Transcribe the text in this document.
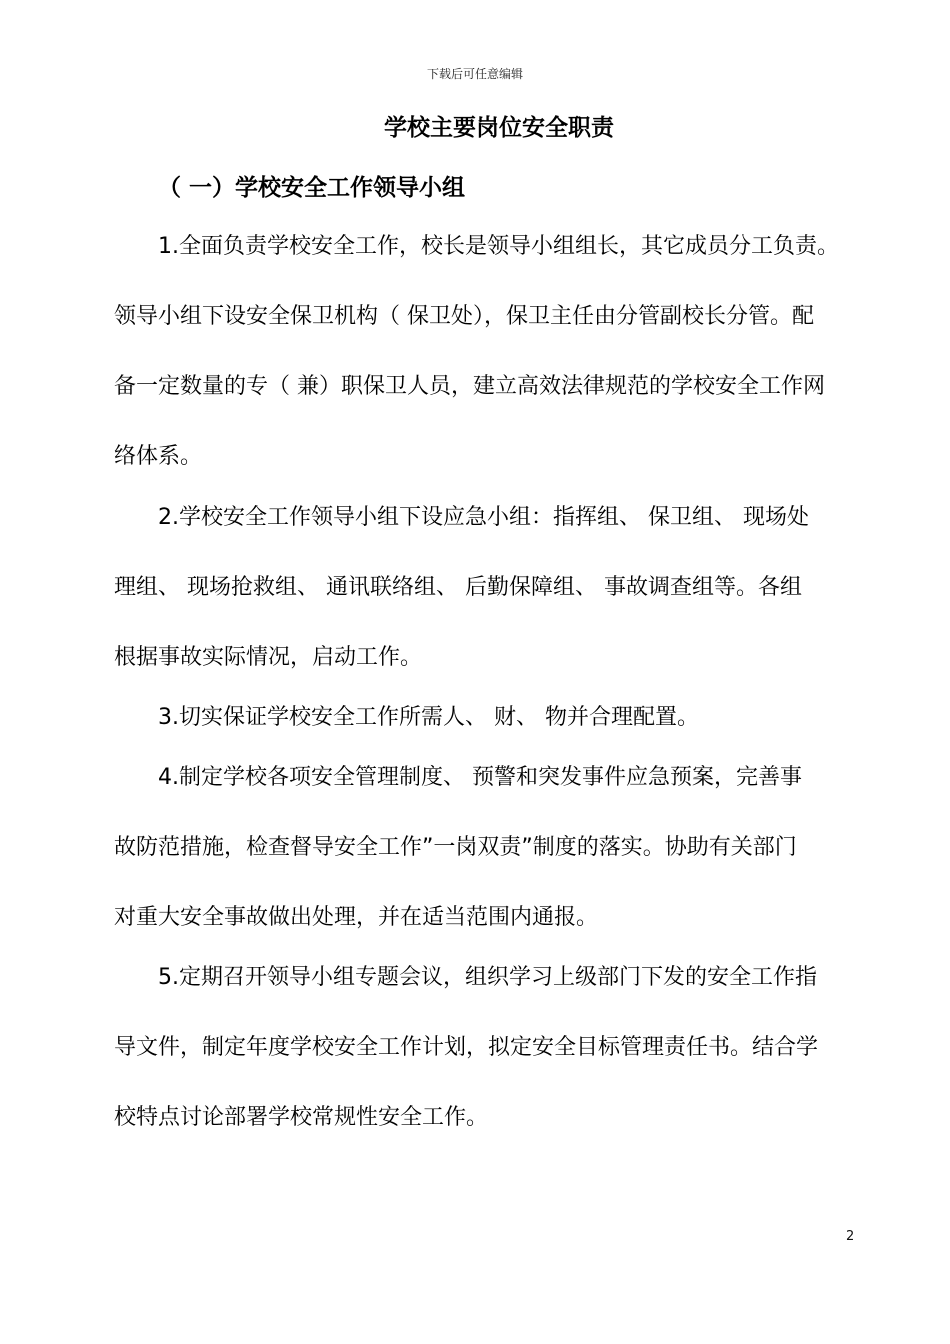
下载后可任意编辑
学校主要岗位安全职责
（ 一）学校安全工作领导小组
1.全面负责学校安全工作，校长是领导小组组长，其它成员分工负责。
领导小组下设安全保卫机构（ 保卫处），保卫主任由分管副校长分管。配
备一定数量的专（ 兼）职保卫人员，建立高效法律规范的学校安全工作网
络体系。
2.学校安全工作领导小组下设应急小组：指挥组、 保卫组、 现场处
理组、 现场抢救组、 通讯联络组、 后勤保障组、 事故调查组等。各组
根据事故实际情况，启动工作。
3.切实保证学校安全工作所需人、 财、 物并合理配置。
4.制定学校各项安全管理制度、 预警和突发事件应急预案，完善事
故防范措施，检查督导安全工作”一岗双责”制度的落实。协助有关部门
对重大安全事故做出处理，并在适当范围内通报。
5.定期召开领导小组专题会议，组织学习上级部门下发的安全工作指
导文件，制定年度学校安全工作计划，拟定安全目标管理责任书。结合学
校特点讨论部署学校常规性安全工作。
2
